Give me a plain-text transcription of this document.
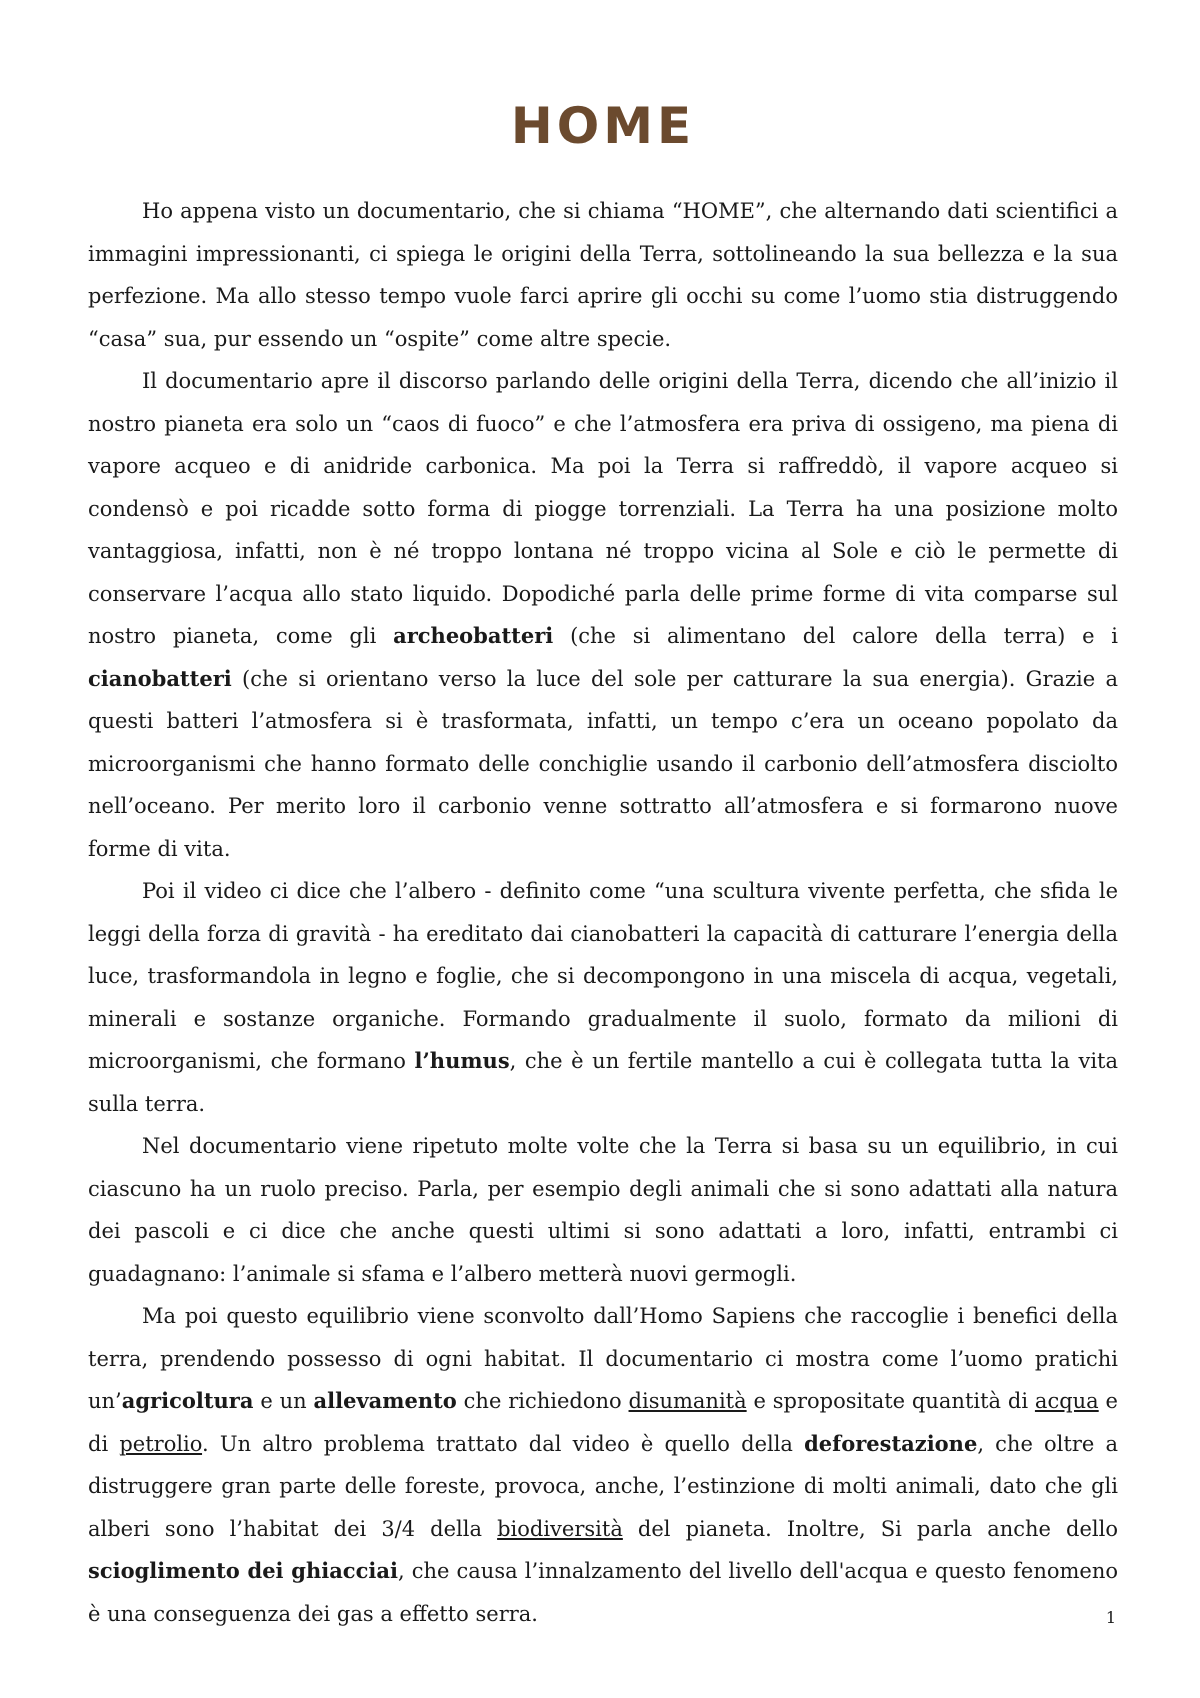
HOME

Ho appena visto un documentario, che si chiama “HOME”, che alternando dati scientifici a immagini impressionanti, ci spiega le origini della Terra, sottolineando la sua bellezza e la sua perfezione. Ma allo stesso tempo vuole farci aprire gli occhi su come l’uomo stia distruggendo “casa” sua, pur essendo un “ospite” come altre specie.

Il documentario apre il discorso parlando delle origini della Terra, dicendo che all’inizio il nostro pianeta era solo un “caos di fuoco” e che l’atmosfera era priva di ossigeno, ma piena di vapore acqueo e di anidride carbonica. Ma poi la Terra si raffreddò, il vapore acqueo si condensò e poi ricadde sotto forma di piogge torrenziali. La Terra ha una posizione molto vantaggiosa, infatti, non è né troppo lontana né troppo vicina al Sole e ciò le permette di conservare l’acqua allo stato liquido. Dopodiché parla delle prime forme di vita comparse sul nostro pianeta, come gli archeobatteri (che si alimentano del calore della terra) e i cianobatteri (che si orientano verso la luce del sole per catturare la sua energia). Grazie a questi batteri l’atmosfera si è trasformata, infatti, un tempo c’era un oceano popolato da microorganismi che hanno formato delle conchiglie usando il carbonio dell’atmosfera disciolto nell’oceano. Per merito loro il carbonio venne sottratto all’atmosfera e si formarono nuove forme di vita.

Poi il video ci dice che l’albero - definito come “una scultura vivente perfetta, che sfida le leggi della forza di gravità - ha ereditato dai cianobatteri la capacità di catturare l’energia della luce, trasformandola in legno e foglie, che si decompongono in una miscela di acqua, vegetali, minerali e sostanze organiche. Formando gradualmente il suolo, formato da milioni di microorganismi, che formano l’humus, che è un fertile mantello a cui è collegata tutta la vita sulla terra.

Nel documentario viene ripetuto molte volte che la Terra si basa su un equilibrio, in cui ciascuno ha un ruolo preciso. Parla, per esempio degli animali che si sono adattati alla natura dei pascoli e ci dice che anche questi ultimi si sono adattati a loro, infatti, entrambi ci guadagnano: l’animale si sfama e l’albero metterà nuovi germogli.

Ma poi questo equilibrio viene sconvolto dall’Homo Sapiens che raccoglie i benefici della terra, prendendo possesso di ogni habitat. Il documentario ci mostra come l’uomo pratichi un’agricoltura e un allevamento che richiedono disumanità e spropositate quantità di acqua e di petrolio. Un altro problema trattato dal video è quello della deforestazione, che oltre a distruggere gran parte delle foreste, provoca, anche, l’estinzione di molti animali, dato che gli alberi sono l’habitat dei 3/4 della biodiversità del pianeta. Inoltre, Si parla anche dello scioglimento dei ghiacciai, che causa l’innalzamento del livello dell'acqua e questo fenomeno è una conseguenza dei gas a effetto serra.	1
